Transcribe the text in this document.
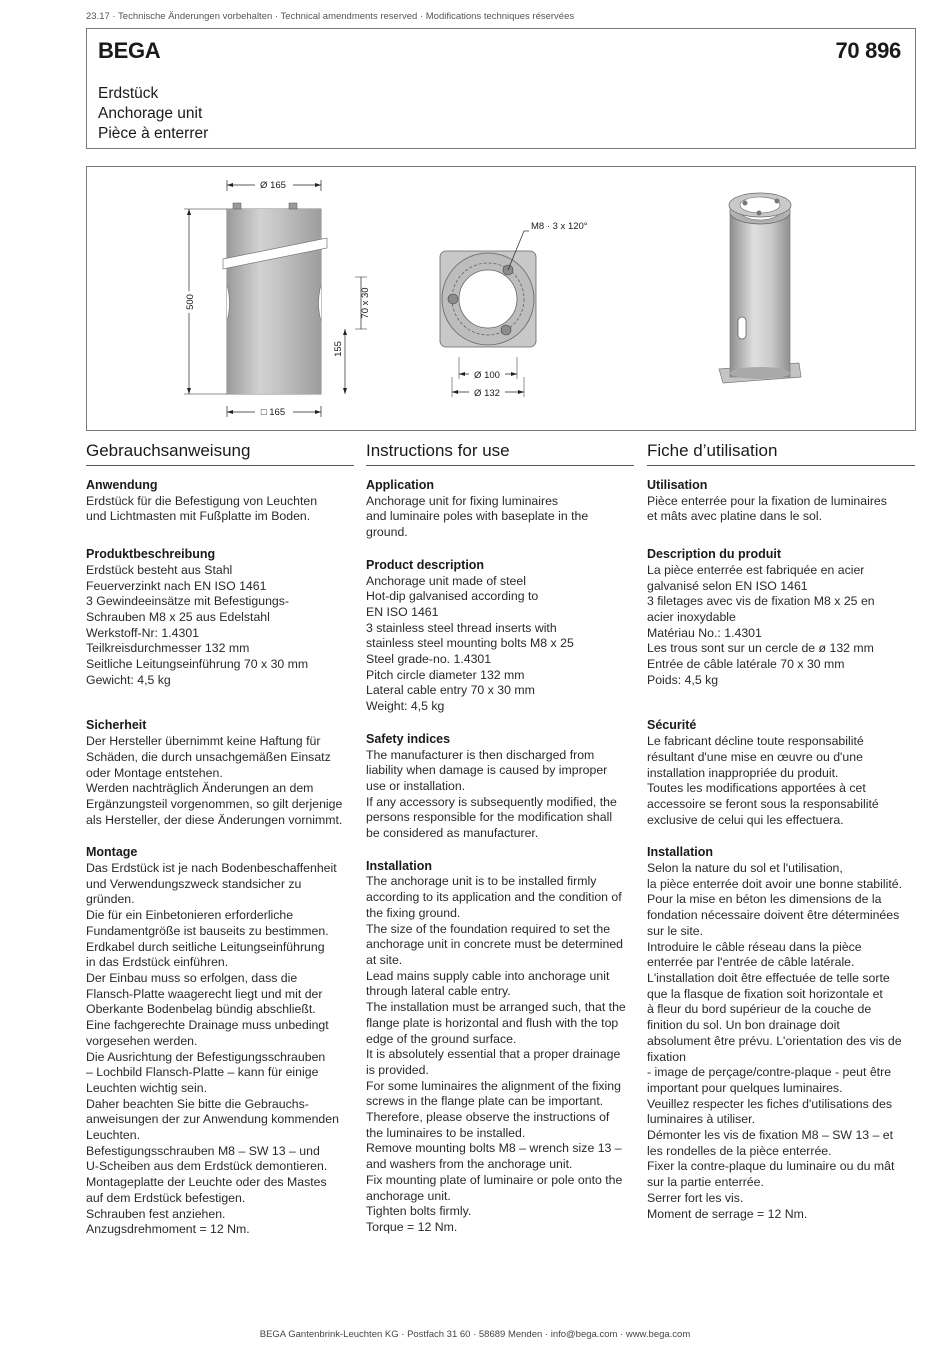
23.17 · Technische Änderungen vorbehalten · Technical amendments reserved · Modifications techniques réservées
BEGA	70 896
Erdstück
Anchorage unit
Pièce à enterrer
Ø 165
500
□ 165
70 x 30
155
M8 · 3 x 120°
Ø 100
Ø 132
Gebrauchsanweisung
Anwendung
Erdstück für die Befestigung von Leuchten
und Lichtmasten mit Fußplatte im Boden.
Produktbeschreibung
Erdstück besteht aus Stahl
Feuerverzinkt nach EN ISO 1461
3 Gewindeeinsätze mit Befestigungs-
Schrauben M8 x 25 aus Edelstahl
Werkstoff-Nr: 1.4301
Teilkreisdurchmesser 132 mm
Seitliche Leitungseinführung 70 x 30 mm
Gewicht: 4,5 kg
Sicherheit
Der Hersteller übernimmt keine Haftung für
Schäden, die durch unsachgemäßen Einsatz
oder Montage entstehen.
Werden nachträglich Änderungen an dem
Ergänzungsteil vorgenommen, so gilt derjenige
als Hersteller, der diese Änderungen vornimmt.
Montage
Das Erdstück ist je nach Bodenbeschaffenheit
und Verwendungszweck standsicher zu
gründen.
Die für ein Einbetonieren erforderliche
Fundamentgröße ist bauseits zu bestimmen.
Erdkabel durch seitliche Leitungseinführung
in das Erdstück einführen.
Der Einbau muss so erfolgen, dass die
Flansch-Platte waagerecht liegt und mit der
Oberkante Bodenbelag bündig abschließt.
Eine fachgerechte Drainage muss unbedingt
vorgesehen werden.
Die Ausrichtung der Befestigungsschrauben
– Lochbild Flansch-Platte – kann für einige
Leuchten wichtig sein.
Daher beachten Sie bitte die Gebrauchs-
anweisungen der zur Anwendung kommenden
Leuchten.
Befestigungsschrauben M8 – SW 13 – und
U-Scheiben aus dem Erdstück demontieren.
Montageplatte der Leuchte oder des Mastes
auf dem Erdstück befestigen.
Schrauben fest anziehen.
Anzugsdrehmoment = 12 Nm.
Instructions for use
Application
Anchorage unit for fixing luminaires
and luminaire poles with baseplate in the
ground.
Product description
Anchorage unit made of steel
Hot-dip galvanised according to
EN ISO 1461
3 stainless steel thread inserts with
stainless steel mounting bolts M8 x 25
Steel grade-no. 1.4301
Pitch circle diameter 132 mm
Lateral cable entry 70 x 30 mm
Weight: 4,5 kg
Safety indices
The manufacturer is then discharged from
liability when damage is caused by improper
use or installation.
If any accessory is subsequently modified, the
persons responsible for the modification shall
be considered as manufacturer.
Installation
The anchorage unit is to be installed firmly
according to its application and the condition of
the fixing ground.
The size of the foundation required to set the
anchorage unit in concrete must be determined
at site.
Lead mains supply cable into anchorage unit
through lateral cable entry.
The installation must be arranged such, that the
flange plate is horizontal and flush with the top
edge of the ground surface.
It is absolutely essential that a proper drainage
is provided.
For some luminaires the alignment of the fixing
screws in the flange plate can be important.
Therefore, please observe the instructions of
the luminaires to be installed.
Remove mounting bolts M8 – wrench size 13 –
and washers from the anchorage unit.
Fix mounting plate of luminaire or pole onto the
anchorage unit.
Tighten bolts firmly.
Torque = 12 Nm.
Fiche d’utilisation
Utilisation
Pièce enterrée pour la fixation de luminaires
et mâts avec platine dans le sol.
Description du produit
La pièce enterrée est fabriquée en acier
galvanisé selon EN ISO 1461
3 filetages avec vis de fixation M8 x 25 en
acier inoxydable
Matériau No.: 1.4301
Les trous sont sur un cercle de ø 132 mm
Entrée de câble latérale 70 x 30 mm
Poids: 4,5 kg
Sécurité
Le fabricant décline toute responsabilité
résultant d'une mise en œuvre ou d'une
installation inappropriée du produit.
Toutes les modifications apportées à cet
accessoire se feront sous la responsabilité
exclusive de celui qui les effectuera.
Installation
Selon la nature du sol et l'utilisation,
la pièce enterrée doit avoir une bonne stabilité.
Pour la mise en béton les dimensions de la
fondation nécessaire doivent être déterminées
sur le site.
Introduire le câble réseau dans la pièce
enterrée par l'entrée de câble latérale.
L'installation doit être effectuée de telle sorte
que la flasque de fixation soit horizontale et
à fleur du bord supérieur de la couche de
finition du sol. Un bon drainage doit
absolument être prévu. L'orientation des vis de
fixation
- image de perçage/contre-plaque - peut être
important pour quelques luminaires.
Veuillez respecter les fiches d'utilisations des
luminaires à utiliser.
Démonter les vis de fixation M8 – SW 13 – et
les rondelles de la pièce enterrée.
Fixer la contre-plaque du luminaire ou du mât
sur la partie enterrée.
Serrer fort les vis.
Moment de serrage = 12 Nm.
BEGA Gantenbrink-Leuchten KG · Postfach 31 60 · 58689 Menden · info@bega.com · www.bega.com
